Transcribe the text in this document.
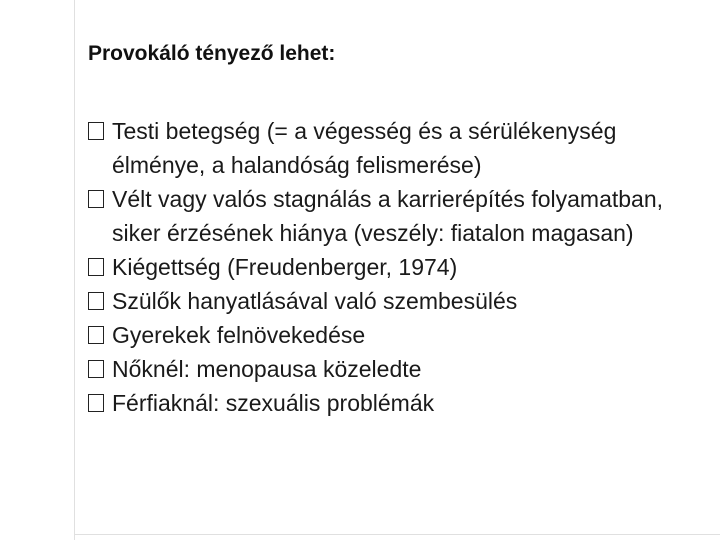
Provokáló tényező lehet:
Testi betegség (= a végesség és a sérülékenység élménye, a halandóság felismerése)
Vélt vagy valós stagnálás a karrierépítés folyamatban, siker érzésének hiánya (veszély: fiatalon magasan)
Kiégettség (Freudenberger, 1974)
Szülők hanyatlásával való szembesülés
Gyerekek felnövekedése
Nőknél: menopausa közeledte
Férfiaknál: szexuális problémák
